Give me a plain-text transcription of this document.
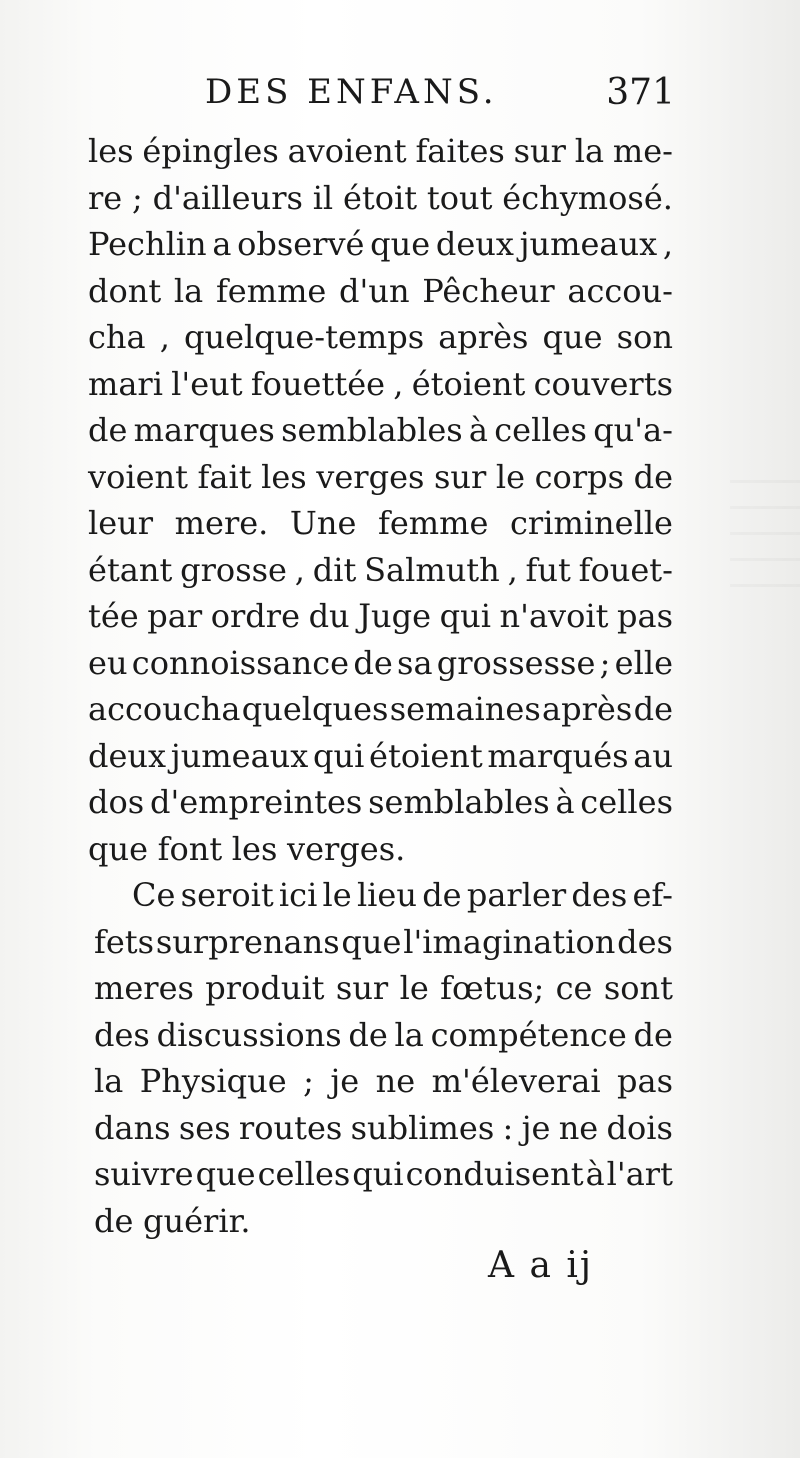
DES ENFANS.	371
les épingles avoient faites sur la me-
re ; d'ailleurs il étoit tout échymosé.
Pechlin a observé que deux jumeaux ,
dont la femme d'un Pêcheur accou-
cha , quelque-temps après que son
mari l'eut fouettée , étoient couverts
de marques semblables à celles qu'a-
voient fait les verges sur le corps de
leur mere. Une femme criminelle
étant grosse , dit Salmuth , fut fouet-
tée par ordre du Juge qui n'avoit pas
eu connoissance de sa grossesse ; elle
accoucha quelques semaines après de
deux jumeaux qui étoient marqués au
dos d'empreintes semblables à celles
que font les verges.
Ce seroit ici le lieu de parler des ef-
fets surprenans que l'imagination des
meres produit sur le fœtus; ce sont
des discussions de la compétence de
la Physique ; je ne m'éleverai pas
dans ses routes sublimes : je ne dois
suivre que celles qui conduisent à l'art
de guérir.
A a ij
